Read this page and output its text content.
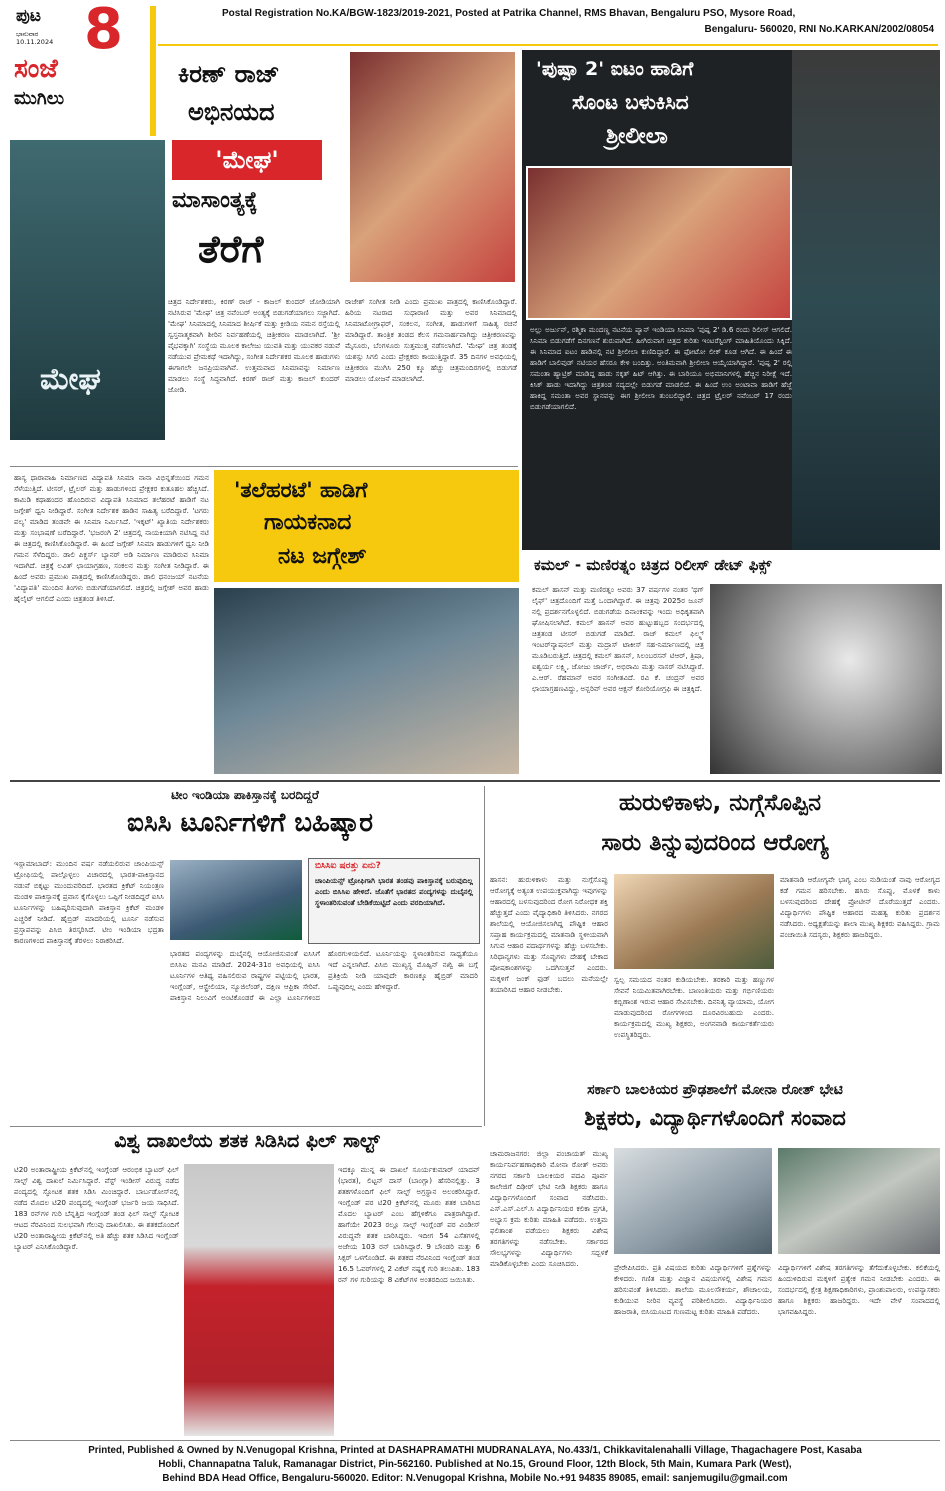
ಪುಟ
ಭಾನುವಾರ
10.11.2024 8
ಸಂಜೆ
ಮುಗಿಲು
Postal Registration No.KA/BGW-1823/2019-2021, Posted at Patrika Channel, RMS Bhavan, Bengaluru PSO, Mysore Road,
Bengaluru- 560020, RNI No.KARKAN/2002/08054
ಮೇಘ
ಕಿರಣ್ ರಾಜ್
ಅಭಿನಯದ
'ಮೇಘ'
ಮಾಸಾಂತ್ಯಕ್ಕೆ
ತೆರೆಗೆ
ಚಿತ್ರದ ನಿರ್ದೇಶಕರು, ಕಿರಣ್ ರಾಜ್ - ಕಾಜಲ್ ಕುಂದರ್ ಜೋಡಿಯಾಗಿ ನಟಿಸಿರುವ 'ಮೇಘ' ಚಿತ್ರ ನವೆಂಬರ್ ಅಂತ್ಯಕ್ಕೆ ಬಿಡುಗಡೆಯಾಗಲು ಸಜ್ಜಾಗಿದೆ. 'ಮೇಘ' ಸಿನಿಮಾದಲ್ಲಿ ಸಿನಿಮಾದ ಶೀರ್ಷಿಕೆ ಮತ್ತು ಕ್ರೀಡಿಯ ನಮನ ರಸ್ತೆಯಲ್ಲಿ ಸ್ವಸ್ತನಾತ್ಮಕವಾಗಿ ಶೀರಿನ ನಿರ್ವಹಣೆಯಲ್ಲಿ ಚಿತ್ರೀಕರಣ ಮಾಡಲಾಗಿದೆ. 'ಶ್ರೀ ವೈಭವಕ್ಕಾಗಿ' ಸಂಸ್ಥೆಯ ಮೂಲಕ ಕಾಲೇಜು ಯುವತಿ ಮತ್ತು ಯುವಕರ ನಡುವೆ ನಡೆಯುವ ಪ್ರೇಮಕಥೆ ಇದಾಗಿದ್ದು, ಸಂಗೀತ ನಿರ್ದೇಶಕರ ಮೂಲಕ ಹಾಡುಗಳು ಈಗಾಗಲೇ ಜನಪ್ರಿಯವಾಗಿವೆ. ಉತ್ತಮವಾದ ಸಿನಿಮಾವನ್ನು ನಿರ್ಮಾಣ ಮಾಡಲು ಸಂಸ್ಥೆ ಸಿದ್ಧವಾಗಿದೆ. ಕಿರಣ್ ರಾಜ್ ಮತ್ತು ಕಾಜಲ್ ಕುಂದರ್ ಜೋಡಿ.
ರಾಜೇಶ್ ಸಂಗೀತ ನೀಡಿ ಎಂದು ಪ್ರಮುಖ ಪಾತ್ರದಲ್ಲಿ ಕಾಣಿಸಿಕೊಂಡಿದ್ದಾರೆ. ಹಿರಿಯ ನಟರಾದ ಸುಧಾರಾಣಿ ಮತ್ತು ಅವರ ಸಿನಿಮಾದಲ್ಲಿ ಸಿನಿಮಾಟೋಗ್ರಾಫರ್, ಸಂಕಲನ, ಸಂಗೀತ, ಹಾಡುಗಳಿಗೆ ಸಾಹಿತ್ಯ ರಚನೆ ಮಾಡಿದ್ದಾರೆ. ತಾಂತ್ರಿಕ ತಂಡದ ಕೆಲಸ ಗಮನಾರ್ಹವಾಗಿದ್ದು ಚಿತ್ರೀಕರಣವನ್ನು ಮೈಸೂರು, ಬೆಂಗಳೂರು ಸುತ್ತಮುತ್ತ ನಡೆಸಲಾಗಿದೆ. 'ಮೇಘ' ಚಿತ್ರ ತಂಡಕ್ಕೆ ಯಶಸ್ಸು ಸಿಗಲಿ ಎಂದು ಪ್ರೇಕ್ಷಕರು ಕಾಯುತ್ತಿದ್ದಾರೆ. 35 ದಿನಗಳ ಅವಧಿಯಲ್ಲಿ ಚಿತ್ರೀಕರಣ ಮುಗಿಸಿ 250 ಕ್ಕೂ ಹೆಚ್ಚು ಚಿತ್ರಮಂದಿರಗಳಲ್ಲಿ ಬಿಡುಗಡೆ ಮಾಡಲು ಯೋಜನೆ ಮಾಡಲಾಗಿದೆ.
'ಪುಷ್ಪಾ 2' ಐಟಂ ಹಾಡಿಗೆ
ಸೊಂಟ ಬಳುಕಿಸಿದ
ಶ್ರೀಲೀಲಾ
ಅಲ್ಲು ಅರ್ಜುನ್, ರಶ್ಮಿಕಾ ಮಂದಣ್ಣ ನಟನೆಯ ಪ್ಯಾನ್ ಇಂಡಿಯಾ ಸಿನಿಮಾ 'ಪುಷ್ಪ 2' ಡಿ.6 ರಂದು ರಿಲೀಸ್ ಆಗಲಿದೆ. ಸಿನಿಮಾ ಬಿಡುಗಡೆಗೆ ದಿನಗಣನೆ ಶುರುವಾಗಿದೆ. ಹೀಗಿರುವಾಗ ಚಿತ್ರದ ಕುರಿತು ಇಂಟರೆಸ್ಟಿಂಗ್ ಮಾಹಿತಿಯೊಂದು ಸಿಕ್ಕಿದೆ. ಈ ಸಿನಿಮಾದ ಐಟಂ ಹಾಡಿನಲ್ಲಿ ನಟಿ ಶ್ರೀಲೀಲಾ ಕುಣಿದಿದ್ದಾರೆ. ಈ ಫೋಟೋ ಲೀಕ್ ಕೂಡ ಆಗಿದೆ. ಈ ಹಿಂದೆ ಈ ಹಾಡಿಗೆ ಬಾಲಿವುಡ್ ನಟಿಯರ ಹೆಸರೂ ಕೇಳಿ ಬಂದಿತ್ತು. ಅಂತಿಮವಾಗಿ ಶ್ರೀಲೀಲಾ ಆಯ್ಕೆಯಾಗಿದ್ದಾರೆ. 'ಪುಷ್ಪ 2' ರಲ್ಲಿ ಸಮಂತಾ ಹ್ಯಾಟ್ರಿಕ್ ಮಾಡಿದ್ದ ಹಾಡು ಸಕ್ಕತ್ ಹಿಟ್ ಆಗಿತ್ತು. ಈ ಬಾರಿಯೂ ಅಭಿಮಾನಿಗಳಲ್ಲಿ ಹೆಚ್ಚಿನ ನಿರೀಕ್ಷೆ ಇದೆ. ಕಿಸಿಕ್ ಹಾಡು ಇದಾಗಿದ್ದು ಚಿತ್ರತಂಡ ಸದ್ಯದಲ್ಲೇ ಬಿಡುಗಡೆ ಮಾಡಲಿದೆ. ಈ ಹಿಂದೆ ಉಂ ಅಂಟಾವಾ ಹಾಡಿಗೆ ಹೆಜ್ಜೆ ಹಾಕಿದ್ದ ಸಮಂತಾ ಅವರ ಸ್ಥಾನವನ್ನು ಈಗ ಶ್ರೀಲೀಲಾ ತುಂಬಲಿದ್ದಾರೆ. ಚಿತ್ರದ ಟ್ರೈಲರ್ ನವೆಂಬರ್ 17 ರಂದು ಬಿಡುಗಡೆಯಾಗಲಿದೆ.
ಹಾಸ್ಯ ಧಾರಾವಾಹಿ ನಿರ್ಮಾಣದ ವಿದ್ಯಾಪತಿ ಸಿನಿಮಾ ನಾನಾ ವಿಭಿನ್ನತೆಯಿಂದ ಗಮನ ಸೆಳೆಯುತ್ತಿದೆ. ಟೀಸರ್, ಟ್ರೈಲರ್ ಮತ್ತು ಹಾಡುಗಳಿಂದ ಪ್ರೇಕ್ಷಕರ ಕುತೂಹಲ ಹೆಚ್ಚಿಸಿದೆ. ಕಾಮಿಡಿ ಕಥಾಹಂದರ ಹೊಂದಿರುವ ವಿದ್ಯಾಪತಿ ಸಿನಿಮಾದ ತಲೆಹರಟೆ ಹಾಡಿಗೆ ನಟ ಜಗ್ಗೇಶ್ ಧ್ವನಿ ನೀಡಿದ್ದಾರೆ. ಸಂಗೀತ ನಿರ್ದೇಶಕ ಹಾಡಿನ ಸಾಹಿತ್ಯ ಬರೆದಿದ್ದಾರೆ. 'ಟಗರು ಪಲ್ಯ' ಮಾಡಿದ ತಂಡವೇ ಈ ಸಿನಿಮಾ ನಿರ್ಮಿಸಿದೆ. 'ಇಕ್ಕಟ್' ಖ್ಯಾತಿಯ ನಿರ್ದೇಶಕರು ಮತ್ತು ಸಂಭಾಷಣೆ ಬರೆದಿದ್ದಾರೆ. 'ಭಜರಂಗಿ 2' ಚಿತ್ರದಲ್ಲಿ ನಾಯಕಿಯಾಗಿ ನಟಿಸಿದ್ದ ನಟಿ ಈ ಚಿತ್ರದಲ್ಲಿ ಕಾಣಿಸಿಕೊಂಡಿದ್ದಾರೆ. ಈ ಹಿಂದೆ ಜಗ್ಗೇಶ್ ಸಿನಿಮಾ ಹಾಡುಗಳಿಗೆ ಧ್ವನಿ ನೀಡಿ ಗಮನ ಸೆಳೆದಿದ್ದರು. ಡಾಲಿ ಪಿಕ್ಚರ್ಸ್ ಬ್ಯಾನರ್ ಅಡಿ ನಿರ್ಮಾಣ ಮಾಡಿರುವ ಸಿನಿಮಾ ಇದಾಗಿದೆ. ಚಿತ್ರಕ್ಕೆ ಲವಿತ್ ಛಾಯಾಗ್ರಹಣ, ಸಂಕಲನ ಮತ್ತು ಸಂಗೀತ ನೀಡಿದ್ದಾರೆ. ಈ ಹಿಂದೆ ಅವರು ಪ್ರಮುಖ ಪಾತ್ರದಲ್ಲಿ ಕಾಣಿಸಿಕೊಂಡಿದ್ದರು. ಡಾಲಿ ಧನಂಜಯ್ ನಟನೆಯ 'ವಿದ್ಯಾಪತಿ' ಮುಂದಿನ ತಿಂಗಳು ಬಿಡುಗಡೆಯಾಗಲಿದೆ. ಚಿತ್ರದಲ್ಲಿ ಜಗ್ಗೇಶ್ ಅವರ ಹಾಡು ಹೈಲೈಟ್ ಆಗಲಿದೆ ಎಂದು ಚಿತ್ರತಂಡ ತಿಳಿಸಿದೆ.
'ತಲೆಹರಟೆ' ಹಾಡಿಗೆ
ಗಾಯಕನಾದ
ನಟ ಜಗ್ಗೇಶ್	ಕಮಲ್ - ಮಣಿರತ್ನಂ ಚಿತ್ರದ ರಿಲೀಸ್ ಡೇಟ್ ಫಿಕ್ಸ್
ಕಮಲ್ ಹಾಸನ್ ಮತ್ತು ಮಣಿರತ್ನಂ ಅವರು 37 ವರ್ಷಗಳ ನಂತರ 'ಥಗ್ ಲೈಫ್' ಚಿತ್ರದೊಂದಿಗೆ ಮತ್ತೆ ಒಂದಾಗಿದ್ದಾರೆ. ಈ ಚಿತ್ರವು 2025ರ ಜೂನ್ ನಲ್ಲಿ ಪ್ರದರ್ಶನಗೊಳ್ಳಲಿದೆ. ಬಿಡುಗಡೆಯ ದಿನಾಂಕವನ್ನು ಇಂದು ಅಧಿಕೃತವಾಗಿ ಘೋಷಿಸಲಾಗಿದೆ. ಕಮಲ್ ಹಾಸನ್ ಅವರ ಹುಟ್ಟುಹಬ್ಬದ ಸಂದರ್ಭದಲ್ಲಿ ಚಿತ್ರತಂಡ ಟೀಸರ್ ಬಿಡುಗಡೆ ಮಾಡಿದೆ. ರಾಜ್ ಕಮಲ್ ಫಿಲ್ಮ್ಸ್ ಇಂಟರ್‌ನ್ಯಾಷನಲ್ ಮತ್ತು ಮದ್ರಾಸ್ ಟಾಕೀಸ್ ಸಹ-ನಿರ್ಮಾಣದಲ್ಲಿ ಚಿತ್ರ ಮೂಡಿಬರುತ್ತಿದೆ. ಚಿತ್ರದಲ್ಲಿ ಕಮಲ್ ಹಾಸನ್, ಸಿಲಂಬರಸನ್ ಟಿಆರ್, ತ್ರಿಷಾ, ಐಶ್ವರ್ಯ ಲಕ್ಷ್ಮಿ, ಜೋಜು ಜಾರ್ಜ್, ಅಭಿರಾಮಿ ಮತ್ತು ನಾಸರ್ ನಟಿಸಿದ್ದಾರೆ. ಎ.ಆರ್. ರೆಹಮಾನ್ ಅವರ ಸಂಗೀತವಿದೆ. ರವಿ ಕೆ. ಚಂದ್ರನ್ ಅವರ ಛಾಯಾಗ್ರಹಣವಿದ್ದು, ಅನ್ಬರಿವ್ ಅವರ ಆಕ್ಷನ್ ಕೋರಿಯೋಗ್ರಫಿ ಈ ಚಿತ್ರಕ್ಕಿದೆ.
ಟೀಂ ಇಂಡಿಯಾ ಪಾಕಿಸ್ತಾನಕ್ಕೆ ಬರದಿದ್ದರೆ
ಐಸಿಸಿ ಟೂರ್ನಿಗಳಿಗೆ ಬಹಿಷ್ಕಾರ
ಇಸ್ಲಾಮಾಬಾದ್: ಮುಂದಿನ ವರ್ಷ ನಡೆಯಲಿರುವ ಚಾಂಪಿಯನ್ಸ್ ಟ್ರೋಫಿಯಲ್ಲಿ ಪಾಲ್ಗೊಳ್ಳಲು ವಿಚಾರದಲ್ಲಿ ಭಾರತ-ಪಾಕಿಸ್ತಾನದ ನಡುವೆ ಬಿಕ್ಕಟ್ಟು ಮುಂದುವರಿದಿದೆ. ಭಾರತದ ಕ್ರಿಕೆಟ್ ನಿಯಂತ್ರಣ ಮಂಡಳಿ ಪಾಕಿಸ್ತಾನಕ್ಕೆ ಪ್ರವಾಸ ಕೈಗೊಳ್ಳಲು ಒಪ್ಪಿಗೆ ನೀಡದಿದ್ದರೆ ಐಸಿಸಿ ಟೂರ್ನಿಗಳನ್ನು ಬಹಿಷ್ಕರಿಸುವುದಾಗಿ ಪಾಕಿಸ್ತಾನ ಕ್ರಿಕೆಟ್ ಮಂಡಳಿ ಎಚ್ಚರಿಕೆ ನೀಡಿದೆ. ಹೈಬ್ರಿಡ್ ಮಾದರಿಯಲ್ಲಿ ಟೂರ್ನಿ ನಡೆಸುವ ಪ್ರಸ್ತಾಪವನ್ನು ಪಿಸಿಬಿ ತಿರಸ್ಕರಿಸಿದೆ. ಟೀಂ ಇಂಡಿಯಾ ಭದ್ರತಾ ಕಾರಣಗಳಿಂದ ಪಾಕಿಸ್ತಾನಕ್ಕೆ ತೆರಳಲು ನಿರಾಕರಿಸಿದೆ.
ಬಿಸಿಸಿಐ ಷರತ್ತು ಏನು?
ಚಾಂಪಿಯನ್ಸ್ ಟ್ರೋಫಿಗಾಗಿ ಭಾರತ ತಂಡವು ಪಾಕಿಸ್ತಾನಕ್ಕೆ ಬರುವುದಿಲ್ಲ ಎಂದು ಬಿಸಿಸಿಐ ಹೇಳಿದೆ. ಜೊತೆಗೆ ಭಾರತದ ಪಂದ್ಯಗಳನ್ನು ದುಬೈನಲ್ಲಿ ಸ್ಥಳಾಂತರಿಸುವಂತೆ ಬೇಡಿಕೆಯಿಟ್ಟಿದೆ ಎಂದು ವರದಿಯಾಗಿದೆ.
ಭಾರತದ ಪಂದ್ಯಗಳನ್ನು ದುಬೈನಲ್ಲಿ ಆಯೋಜಿಸುವಂತೆ ಐಸಿಸಿಗೆ ಬಿಸಿಸಿಐ ಮನವಿ ಮಾಡಿದೆ. 2024-31ರ ಅವಧಿಯಲ್ಲಿ ಐಸಿಸಿ ಟೂರ್ನಿಗಳ ಆತಿಥ್ಯ ವಹಿಸಲಿರುವ ರಾಷ್ಟ್ರಗಳ ಪಟ್ಟಿಯಲ್ಲಿ ಭಾರತ, ಇಂಗ್ಲೆಂಡ್, ಆಸ್ಟ್ರೇಲಿಯಾ, ನ್ಯೂಜಿಲೆಂಡ್, ದಕ್ಷಿಣ ಆಫ್ರಿಕಾ ಸೇರಿವೆ. ಪಾಕಿಸ್ತಾನ ನಿಲುವಿಗೆ ಅಂಟಿಕೊಂಡರೆ ಈ ಎಲ್ಲಾ ಟೂರ್ನಿಗಳಿಂದ ಹೊರಗುಳಿಯಲಿದೆ. ಟೂರ್ನಿಯನ್ನು ಸ್ಥಳಾಂತರಿಸುವ ಸಾಧ್ಯತೆಯೂ ಇದೆ ಎನ್ನಲಾಗಿದೆ. ಪಿಸಿಬಿ ಮುಖ್ಯಸ್ಥ ಮೊಹ್ಸಿನ್ ನಖ್ವಿ ಈ ಬಗ್ಗೆ ಪ್ರತಿಕ್ರಿಯೆ ನೀಡಿ ಯಾವುದೇ ಕಾರಣಕ್ಕೂ ಹೈಬ್ರಿಡ್ ಮಾದರಿ ಒಪ್ಪುವುದಿಲ್ಲ ಎಂದು ಹೇಳಿದ್ದಾರೆ.
ಹುರುಳಿಕಾಳು, ನುಗ್ಗೆಸೊಪ್ಪಿನ
ಸಾರು ತಿನ್ನುವುದರಿಂದ ಆರೋಗ್ಯ
ಹಾಸನ: ಹುರುಳಿಕಾಳು ಮತ್ತು ನುಗ್ಗೆಸೊಪ್ಪು ಆರೋಗ್ಯಕ್ಕೆ ಅತ್ಯಂತ ಉಪಯುಕ್ತವಾಗಿದ್ದು ಇವುಗಳನ್ನು ಆಹಾರದಲ್ಲಿ ಬಳಸುವುದರಿಂದ ರೋಗ ನಿರೋಧಕ ಶಕ್ತಿ ಹೆಚ್ಚುತ್ತದೆ ಎಂದು ವೈದ್ಯಾಧಿಕಾರಿ ತಿಳಿಸಿದರು. ನಗರದ ಶಾಲೆಯಲ್ಲಿ ಆಯೋಜಿಸಲಾಗಿದ್ದ ಪೌಷ್ಟಿಕ ಆಹಾರ ಸಪ್ತಾಹ ಕಾರ್ಯಕ್ರಮದಲ್ಲಿ ಮಾತನಾಡಿ ಸ್ಥಳೀಯವಾಗಿ ಸಿಗುವ ಆಹಾರ ಪದಾರ್ಥಗಳನ್ನು ಹೆಚ್ಚು ಬಳಸಬೇಕು. ಸಿರಿಧಾನ್ಯಗಳು ಮತ್ತು ಸೊಪ್ಪುಗಳು ದೇಹಕ್ಕೆ ಬೇಕಾದ ಪೋಷಕಾಂಶಗಳನ್ನು ಒದಗಿಸುತ್ತವೆ ಎಂದರು. ಮಕ್ಕಳಿಗೆ ಜಂಕ್ ಫುಡ್ ಬದಲು ಮನೆಯಲ್ಲೇ ತಯಾರಿಸಿದ ಆಹಾರ ನೀಡಬೇಕು.
ಸ್ವಲ್ಪ ಸಮಯದ ನಂತರ ಕುಡಿಯಬೇಕು. ತರಕಾರಿ ಮತ್ತು ಹಣ್ಣುಗಳ ಸೇವನೆ ನಿಯಮಿತವಾಗಿರಬೇಕು. ಬಾಣಂತಿಯರು ಮತ್ತು ಗರ್ಭಿಣಿಯರು ಕಬ್ಬಿಣಾಂಶ ಇರುವ ಆಹಾರ ಸೇವಿಸಬೇಕು. ದಿನನಿತ್ಯ ವ್ಯಾಯಾಮ, ಯೋಗ ಮಾಡುವುದರಿಂದ ರೋಗಗಳಿಂದ ದೂರವಿರಬಹುದು ಎಂದರು. ಕಾರ್ಯಕ್ರಮದಲ್ಲಿ ಮುಖ್ಯ ಶಿಕ್ಷಕರು, ಅಂಗನವಾಡಿ ಕಾರ್ಯಕರ್ತೆಯರು ಉಪಸ್ಥಿತರಿದ್ದರು.
ಮಾತನಾಡಿ ಆರೋಗ್ಯವೇ ಭಾಗ್ಯ ಎಂಬ ನುಡಿಯಂತೆ ನಾವು ಆರೋಗ್ಯದ ಕಡೆ ಗಮನ ಹರಿಸಬೇಕು. ಹಸಿರು ಸೊಪ್ಪು, ಮೊಳಕೆ ಕಾಳು ಬಳಸುವುದರಿಂದ ದೇಹಕ್ಕೆ ಪ್ರೋಟೀನ್ ದೊರೆಯುತ್ತದೆ ಎಂದರು. ವಿದ್ಯಾರ್ಥಿಗಳು ಪೌಷ್ಟಿಕ ಆಹಾರದ ಮಹತ್ವ ಕುರಿತು ಪ್ರದರ್ಶನ ನಡೆಸಿದರು. ಅಧ್ಯಕ್ಷತೆಯನ್ನು ಶಾಲಾ ಮುಖ್ಯ ಶಿಕ್ಷಕರು ವಹಿಸಿದ್ದರು. ಗ್ರಾಮ ಪಂಚಾಯಿತಿ ಸದಸ್ಯರು, ಶಿಕ್ಷಕರು ಹಾಜರಿದ್ದರು.
ಸರ್ಕಾರಿ ಬಾಲಕಿಯರ ಪ್ರೌಢಶಾಲೆಗೆ ಮೋನಾ ರೋತ್ ಭೇಟಿ
ಶಿಕ್ಷಕರು, ವಿದ್ಯಾರ್ಥಿಗಳೊಂದಿಗೆ ಸಂವಾದ
ಚಾಮರಾಜನಗರ: ಜಿಲ್ಲಾ ಪಂಚಾಯತ್ ಮುಖ್ಯ ಕಾರ್ಯನಿರ್ವಹಣಾಧಿಕಾರಿ ಮೋನಾ ರೋತ್ ಅವರು ನಗರದ ಸರ್ಕಾರಿ ಬಾಲಕಿಯರ ಪದವಿ ಪೂರ್ವ ಕಾಲೇಜಿಗೆ ದಿಢೀರ್ ಭೇಟಿ ನೀಡಿ ಶಿಕ್ಷಕರು ಹಾಗೂ ವಿದ್ಯಾರ್ಥಿಗಳೊಂದಿಗೆ ಸಂವಾದ ನಡೆಸಿದರು. ಎಸ್.ಎಸ್.ಎಲ್.ಸಿ ವಿದ್ಯಾರ್ಥಿನಿಯರ ಕಲಿಕಾ ಪ್ರಗತಿ, ಅಭ್ಯಾಸ ಕ್ರಮ ಕುರಿತು ಮಾಹಿತಿ ಪಡೆದರು. ಉತ್ತಮ ಫಲಿತಾಂಶ ಪಡೆಯಲು ಶಿಕ್ಷಕರು ವಿಶೇಷ ತರಗತಿಗಳನ್ನು ನಡೆಸಬೇಕು. ಸರ್ಕಾರದ ಸೌಲಭ್ಯಗಳನ್ನು ವಿದ್ಯಾರ್ಥಿಗಳು ಸದ್ಬಳಕೆ ಮಾಡಿಕೊಳ್ಳಬೇಕು ಎಂದು ಸೂಚಿಸಿದರು.	ಪ್ರೇರೇಪಿಸಿದರು. ಪ್ರತಿ ವಿಷಯದ ಕುರಿತು ವಿದ್ಯಾರ್ಥಿಗಳಿಗೆ ಪ್ರಶ್ನೆಗಳನ್ನು ಕೇಳಿದರು. ಗಣಿತ ಮತ್ತು ವಿಜ್ಞಾನ ವಿಷಯಗಳಲ್ಲಿ ವಿಶೇಷ ಗಮನ ಹರಿಸುವಂತೆ ತಿಳಿಸಿದರು. ಶಾಲೆಯ ಮೂಲಸೌಕರ್ಯ, ಶೌಚಾಲಯ, ಕುಡಿಯುವ ನೀರಿನ ವ್ಯವಸ್ಥೆ ಪರಿಶೀಲಿಸಿದರು. ವಿದ್ಯಾರ್ಥಿನಿಯರ ಹಾಜರಾತಿ, ಬಿಸಿಯೂಟದ ಗುಣಮಟ್ಟ ಕುರಿತು ಮಾಹಿತಿ ಪಡೆದರು.
ವಿದ್ಯಾರ್ಥಿಗಳಿಗೆ ವಿಶೇಷ ತರಗತಿಗಳನ್ನು ತೆಗೆದುಕೊಳ್ಳಬೇಕು. ಕಲಿಕೆಯಲ್ಲಿ ಹಿಂದುಳಿದಿರುವ ಮಕ್ಕಳಿಗೆ ಪ್ರತ್ಯೇಕ ಗಮನ ನೀಡಬೇಕು ಎಂದರು. ಈ ಸಂದರ್ಭದಲ್ಲಿ ಕ್ಷೇತ್ರ ಶಿಕ್ಷಣಾಧಿಕಾರಿಗಳು, ಪ್ರಾಂಶುಪಾಲರು, ಉಪನ್ಯಾಸಕರು ಹಾಗೂ ಶಿಕ್ಷಕರು ಹಾಜರಿದ್ದರು. ಇದೇ ವೇಳೆ ಸಂವಾದದಲ್ಲಿ ಭಾಗವಹಿಸಿದ್ದರು.
ವಿಶ್ವ ದಾಖಲೆಯ ಶತಕ ಸಿಡಿಸಿದ ಫಿಲ್ ಸಾಲ್ಟ್
ಟಿ20 ಅಂತಾರಾಷ್ಟ್ರೀಯ ಕ್ರಿಕೆಟ್‌ನಲ್ಲಿ ಇಂಗ್ಲೆಂಡ್ ಆರಂಭಿಕ ಬ್ಯಾಟರ್ ಫಿಲ್ ಸಾಲ್ಟ್ ವಿಶ್ವ ದಾಖಲೆ ನಿರ್ಮಿಸಿದ್ದಾರೆ. ವೆಸ್ಟ್ ಇಂಡೀಸ್ ವಿರುದ್ಧ ನಡೆದ ಪಂದ್ಯದಲ್ಲಿ ಸ್ಫೋಟಕ ಶತಕ ಸಿಡಿಸಿ ಮಿಂಚಿದ್ದಾರೆ. ಬಾರ್ಬಡೋಸ್‌ನಲ್ಲಿ ನಡೆದ ಮೊದಲ ಟಿ20 ಪಂದ್ಯದಲ್ಲಿ ಇಂಗ್ಲೆಂಡ್ ಭರ್ಜರಿ ಜಯ ಸಾಧಿಸಿದೆ. 183 ರನ್‌ಗಳ ಗುರಿ ಬೆನ್ನತ್ತಿದ ಇಂಗ್ಲೆಂಡ್ ತಂಡ ಫಿಲ್ ಸಾಲ್ಟ್ ಸ್ಫೋಟಕ ಆಟದ ನೆರವಿನಿಂದ ಸುಲಭವಾಗಿ ಗೆಲುವು ದಾಖಲಿಸಿತು. ಈ ಶತಕದೊಂದಿಗೆ ಟಿ20 ಅಂತಾರಾಷ್ಟ್ರೀಯ ಕ್ರಿಕೆಟ್‌ನಲ್ಲಿ ಅತಿ ಹೆಚ್ಚು ಶತಕ ಸಿಡಿಸಿದ ಇಂಗ್ಲೆಂಡ್ ಬ್ಯಾಟರ್ ಎನಿಸಿಕೊಂಡಿದ್ದಾರೆ.
ಇದಕ್ಕೂ ಮುನ್ನ ಈ ದಾಖಲೆ ಸೂರ್ಯಕುಮಾರ್ ಯಾದವ್ (ಭಾರತ), ಲಿಟ್ಟನ್ ದಾಸ್ (ಬಾಂಗ್ಲಾ) ಹೆಸರಿನಲ್ಲಿತ್ತು. 3 ಶತಕಗಳೊಂದಿಗೆ ಫಿಲ್ ಸಾಲ್ಟ್ ಅಗ್ರಸ್ಥಾನ ಅಲಂಕರಿಸಿದ್ದಾರೆ. ಇಂಗ್ಲೆಂಡ್ ಪರ ಟಿ20 ಕ್ರಿಕೆಟ್‌ನಲ್ಲಿ ಮೂರು ಶತಕ ಬಾರಿಸಿದ ಮೊದಲ ಬ್ಯಾಟರ್ ಎಂಬ ಹೆಗ್ಗಳಿಕೆಗೂ ಪಾತ್ರರಾಗಿದ್ದಾರೆ. ಹಾಗೆಯೇ 2023 ರಲ್ಲೂ ಸಾಲ್ಟ್ ಇಂಗ್ಲೆಂಡ್ ಪರ ವಿಂಡೀಸ್ ವಿರುದ್ಧವೇ ಶತಕ ಬಾರಿಸಿದ್ದರು. ಇದೀಗ 54 ಎಸೆತಗಳಲ್ಲಿ ಅಜೇಯ 103 ರನ್ ಬಾರಿಸಿದ್ದಾರೆ. 9 ಬೌಂಡರಿ ಮತ್ತು 6 ಸಿಕ್ಸರ್ ಒಳಗೊಂಡಿದೆ. ಈ ಶತಕದ ನೆರವಿನಿಂದ ಇಂಗ್ಲೆಂಡ್ ತಂಡ 16.5 ಓವರ್‌ಗಳಲ್ಲಿ 2 ವಿಕೆಟ್ ನಷ್ಟಕ್ಕೆ ಗುರಿ ತಲುಪಿತು. 183 ರನ್ ಗಳ ಗುರಿಯನ್ನು 8 ವಿಕೆಟ್‌ಗಳ ಅಂತರದಿಂದ ಜಯಿಸಿತು.
Printed, Published & Owned by N.Venugopal Krishna, Printed at DASHAPRAMATHI MUDRANALAYA, No.433/1, Chikkavitalenahalli Village, Thagachagere Post, Kasaba
Hobli, Channapatna Taluk, Ramanagar District, Pin-562160. Published at No.15, Ground Floor, 12th Block, 5th Main, Kumara Park (West),
Behind BDA Head Office, Bengaluru-560020. Editor: N.Venugopal Krishna, Mobile No.+91 94835 89085, email: sanjemugilu@gmail.com
